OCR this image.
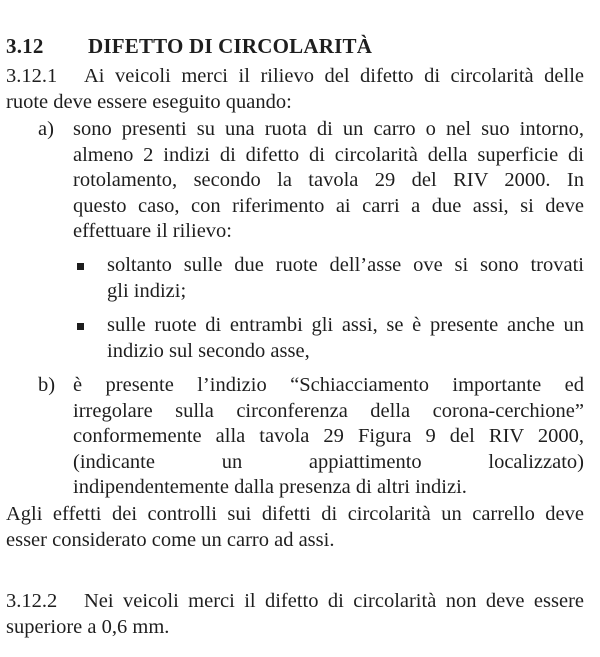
3.12 DIFETTO DI CIRCOLARITÀ
3.12.1 Ai veicoli merci il rilievo del difetto di circolarità delle
ruote deve essere eseguito quando:
a) sono presenti su una ruota di un carro o nel suo intorno,
almeno 2 indizi di difetto di circolarità della superficie di
rotolamento, secondo la tavola 29 del RIV 2000. In
questo caso, con riferimento ai carri a due assi, si deve
effettuare il rilievo:
soltanto sulle due ruote dell’asse ove si sono trovati
gli indizi;
sulle ruote di entrambi gli assi, se è presente anche un
indizio sul secondo asse,
b) è presente l’indizio “Schiacciamento importante ed
irregolare sulla circonferenza della corona-cerchione”
conformemente alla tavola 29 Figura 9 del RIV 2000,
(indicante un appiattimento localizzato)
indipendentemente dalla presenza di altri indizi.
Agli effetti dei controlli sui difetti di circolarità un carrello deve
esser considerato come un carro ad assi.
3.12.2 Nei veicoli merci il difetto di circolarità non deve essere
superiore a 0,6 mm.
